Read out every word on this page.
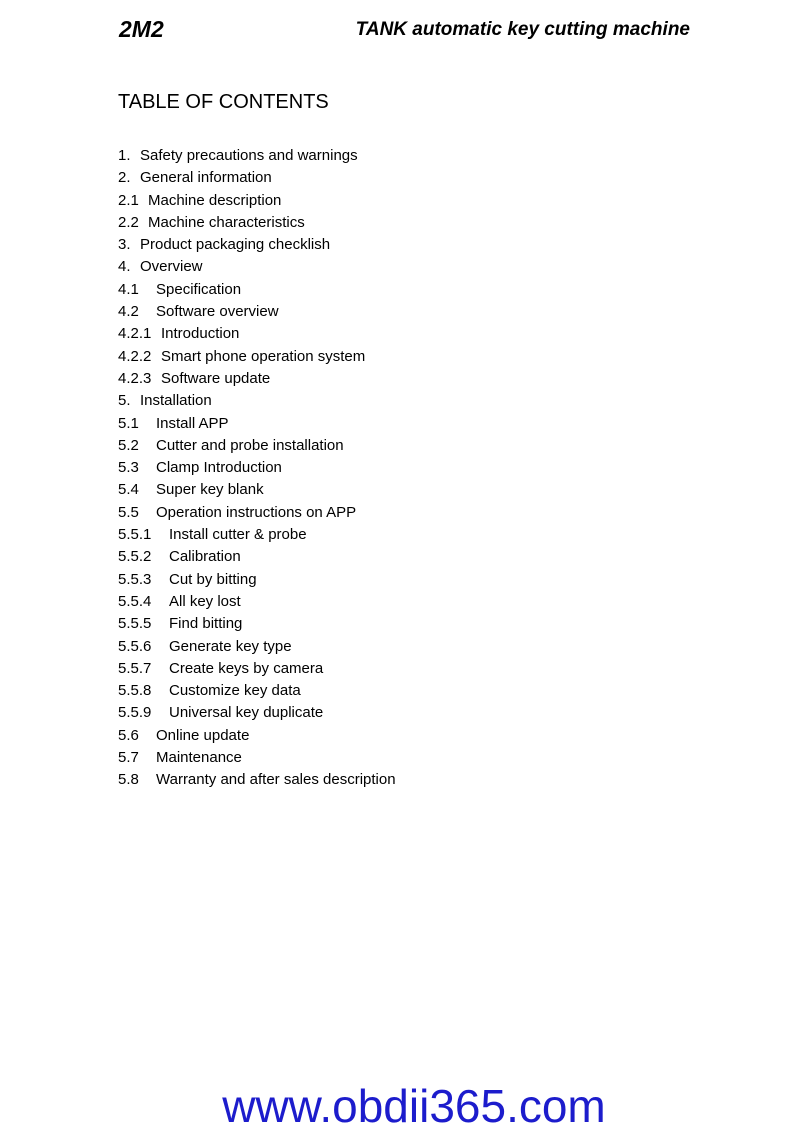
2M2	TANK automatic key cutting machine
TABLE OF CONTENTS
1. Safety precautions and warnings
2. General information
2.1 Machine description
2.2 Machine characteristics
3. Product packaging checklish
4. Overview
4.1 Specification
4.2 Software overview
4.2.1 Introduction
4.2.2 Smart phone operation system
4.2.3 Software update
5. Installation
5.1 Install APP
5.2 Cutter and probe installation
5.3 Clamp Introduction
5.4 Super key blank
5.5 Operation instructions on APP
5.5.1 Install cutter & probe
5.5.2 Calibration
5.5.3 Cut by bitting
5.5.4 All key lost
5.5.5 Find bitting
5.5.6 Generate key type
5.5.7 Create keys by camera
5.5.8 Customize key data
5.5.9 Universal key duplicate
5.6 Online update
5.7 Maintenance
5.8 Warranty and after sales description

www.obdii365.com
